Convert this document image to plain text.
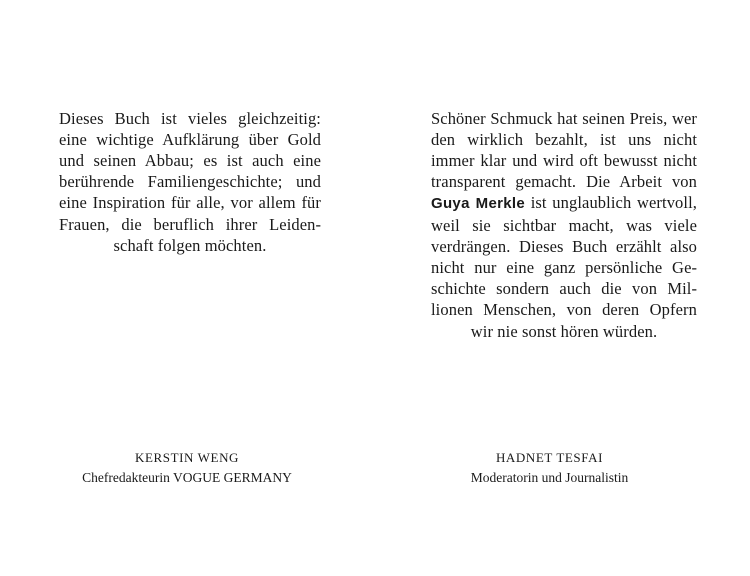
Dieses Buch ist vieles gleichzeitig: eine wichtige Aufklärung über Gold und seinen Abbau; es ist auch eine berührende Familiengeschichte; und eine Inspiration für alle, vor allem für Frauen, die beruflich ihrer Leidenschaft folgen möchten.

KERSTIN WENG
Chefredakteurin VOGUE GERMANY

Schöner Schmuck hat seinen Preis, wer den wirklich bezahlt, ist uns nicht immer klar und wird oft bewusst nicht transparent gemacht. Die Arbeit von Guya Merkle ist unglaublich wertvoll, weil sie sichtbar macht, was viele verdrängen. Dieses Buch erzählt also nicht nur eine ganz persönliche Geschichte sondern auch die von Millionen Menschen, von deren Opfern wir nie sonst hören würden.

HADNET TESFAI
Moderatorin und Journalistin
